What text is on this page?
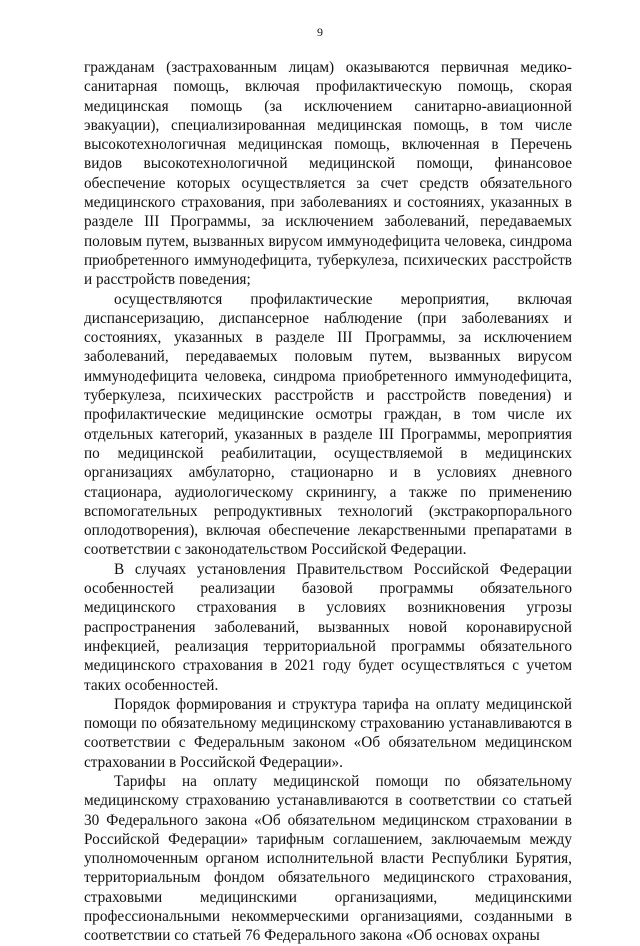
9

гражданам (застрахованным лицам) оказываются первичная медико-санитарная помощь, включая профилактическую помощь, скорая медицинская помощь (за исключением санитарно-авиационной эвакуации), специализированная медицинская помощь, в том числе высокотехнологичная медицинская помощь, включенная в Перечень видов высокотехнологичной медицинской помощи, финансовое обеспечение которых осуществляется за счет средств обязательного медицинского страхования, при заболеваниях и состояниях, указанных в разделе III Программы, за исключением заболеваний, передаваемых половым путем, вызванных вирусом иммунодефицита человека, синдрома приобретенного иммунодефицита, туберкулеза, психических расстройств и расстройств поведения;

осуществляются профилактические мероприятия, включая диспансеризацию, диспансерное наблюдение (при заболеваниях и состояниях, указанных в разделе III Программы, за исключением заболеваний, передаваемых половым путем, вызванных вирусом иммунодефицита человека, синдрома приобретенного иммунодефицита, туберкулеза, психических расстройств и расстройств поведения) и профилактические медицинские осмотры граждан, в том числе их отдельных категорий, указанных в разделе III Программы, мероприятия по медицинской реабилитации, осуществляемой в медицинских организациях амбулаторно, стационарно и в условиях дневного стационара, аудиологическому скринингу, а также по применению вспомогательных репродуктивных технологий (экстракорпорального оплодотворения), включая обеспечение лекарственными препаратами в соответствии с законодательством Российской Федерации.

В случаях установления Правительством Российской Федерации особенностей реализации базовой программы обязательного медицинского страхования в условиях возникновения угрозы распространения заболеваний, вызванных новой коронавирусной инфекцией, реализация территориальной программы обязательного медицинского страхования в 2021 году будет осуществляться с учетом таких особенностей.

Порядок формирования и структура тарифа на оплату медицинской помощи по обязательному медицинскому страхованию устанавливаются в соответствии с Федеральным законом «Об обязательном медицинском страховании в Российской Федерации».

Тарифы на оплату медицинской помощи по обязательному медицинскому страхованию устанавливаются в соответствии со статьей 30 Федерального закона «Об обязательном медицинском страховании в Российской Федерации» тарифным соглашением, заключаемым между уполномоченным органом исполнительной власти Республики Бурятия, территориальным фондом обязательного медицинского страхования, страховыми медицинскими организациями, медицинскими профессиональными некоммерческими организациями, созданными в соответствии со статьей 76 Федерального закона «Об основах охраны
